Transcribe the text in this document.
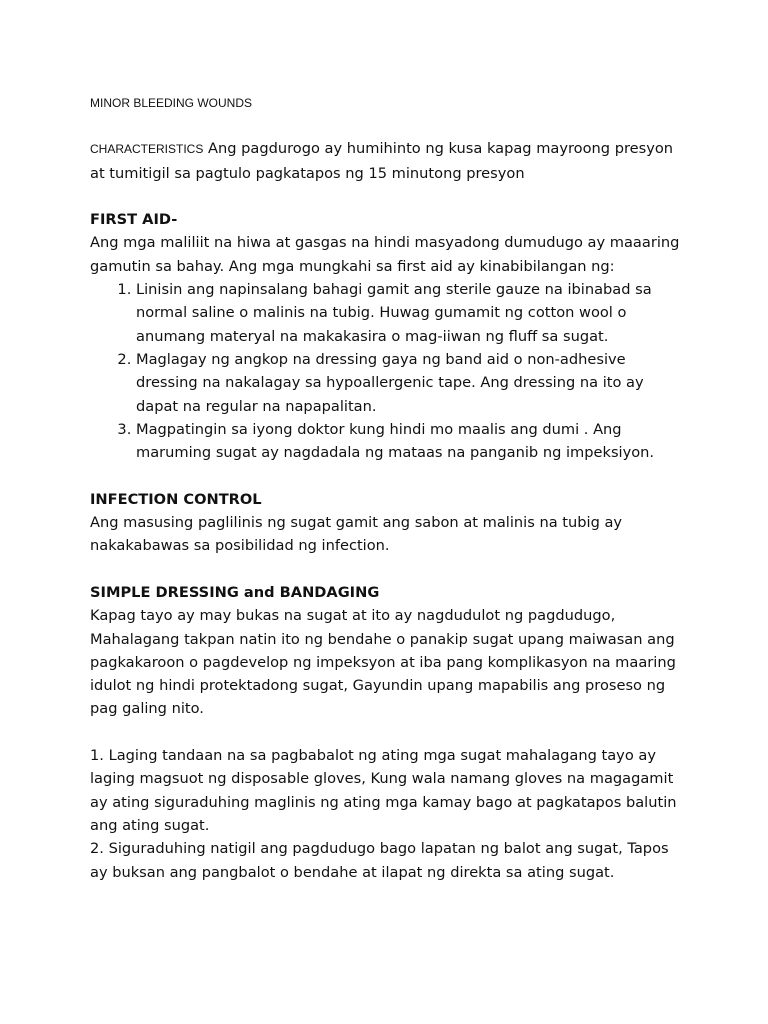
MINOR BLEEDING WOUNDS

CHARACTERISTICS Ang pagdurogo ay humihinto ng kusa kapag mayroong presyon at tumitigil sa pagtulo pagkatapos ng 15 minutong presyon

FIRST AID-

Ang mga maliliit na hiwa at gasgas na hindi masyadong dumudugo ay maaaring gamutin sa bahay. Ang mga mungkahi sa first aid ay kinabibilangan ng:

1. Linisin ang napinsalang bahagi gamit ang sterile gauze na ibinabad sa normal saline o malinis na tubig. Huwag gumamit ng cotton wool o anumang materyal na makakasira o mag-iiwan ng fluff sa sugat.
2. Maglagay ng angkop na dressing gaya ng band aid o non-adhesive dressing na nakalagay sa hypoallergenic tape. Ang dressing na ito ay dapat na regular na napapalitan.
3. Magpatingin sa iyong doktor kung hindi mo maalis ang dumi . Ang maruming sugat ay nagdadala ng mataas na panganib ng impeksiyon.

INFECTION CONTROL

Ang masusing paglilinis ng sugat gamit ang sabon at malinis na tubig ay nakakabawas sa posibilidad ng infection.

SIMPLE DRESSING and BANDAGING

Kapag tayo ay may bukas na sugat at ito ay nagdudulot ng pagdudugo, Mahalagang takpan natin ito ng bendahe o panakip sugat upang maiwasan ang pagkakaroon o pagdevelop ng impeksyon at iba pang komplikasyon na maaring idulot ng hindi protektadong sugat, Gayundin upang mapabilis ang proseso ng pag galing nito.

1. Laging tandaan na sa pagbabalot ng ating mga sugat mahalagang tayo ay laging magsuot ng disposable gloves, Kung wala namang gloves na magagamit ay ating siguraduhing maglinis ng ating mga kamay bago at pagkatapos balutin ang ating sugat.

2. Siguraduhing natigil ang pagdudugo bago lapatan ng balot ang sugat, Tapos ay buksan ang pangbalot o bendahe at ilapat ng direkta sa ating sugat.
